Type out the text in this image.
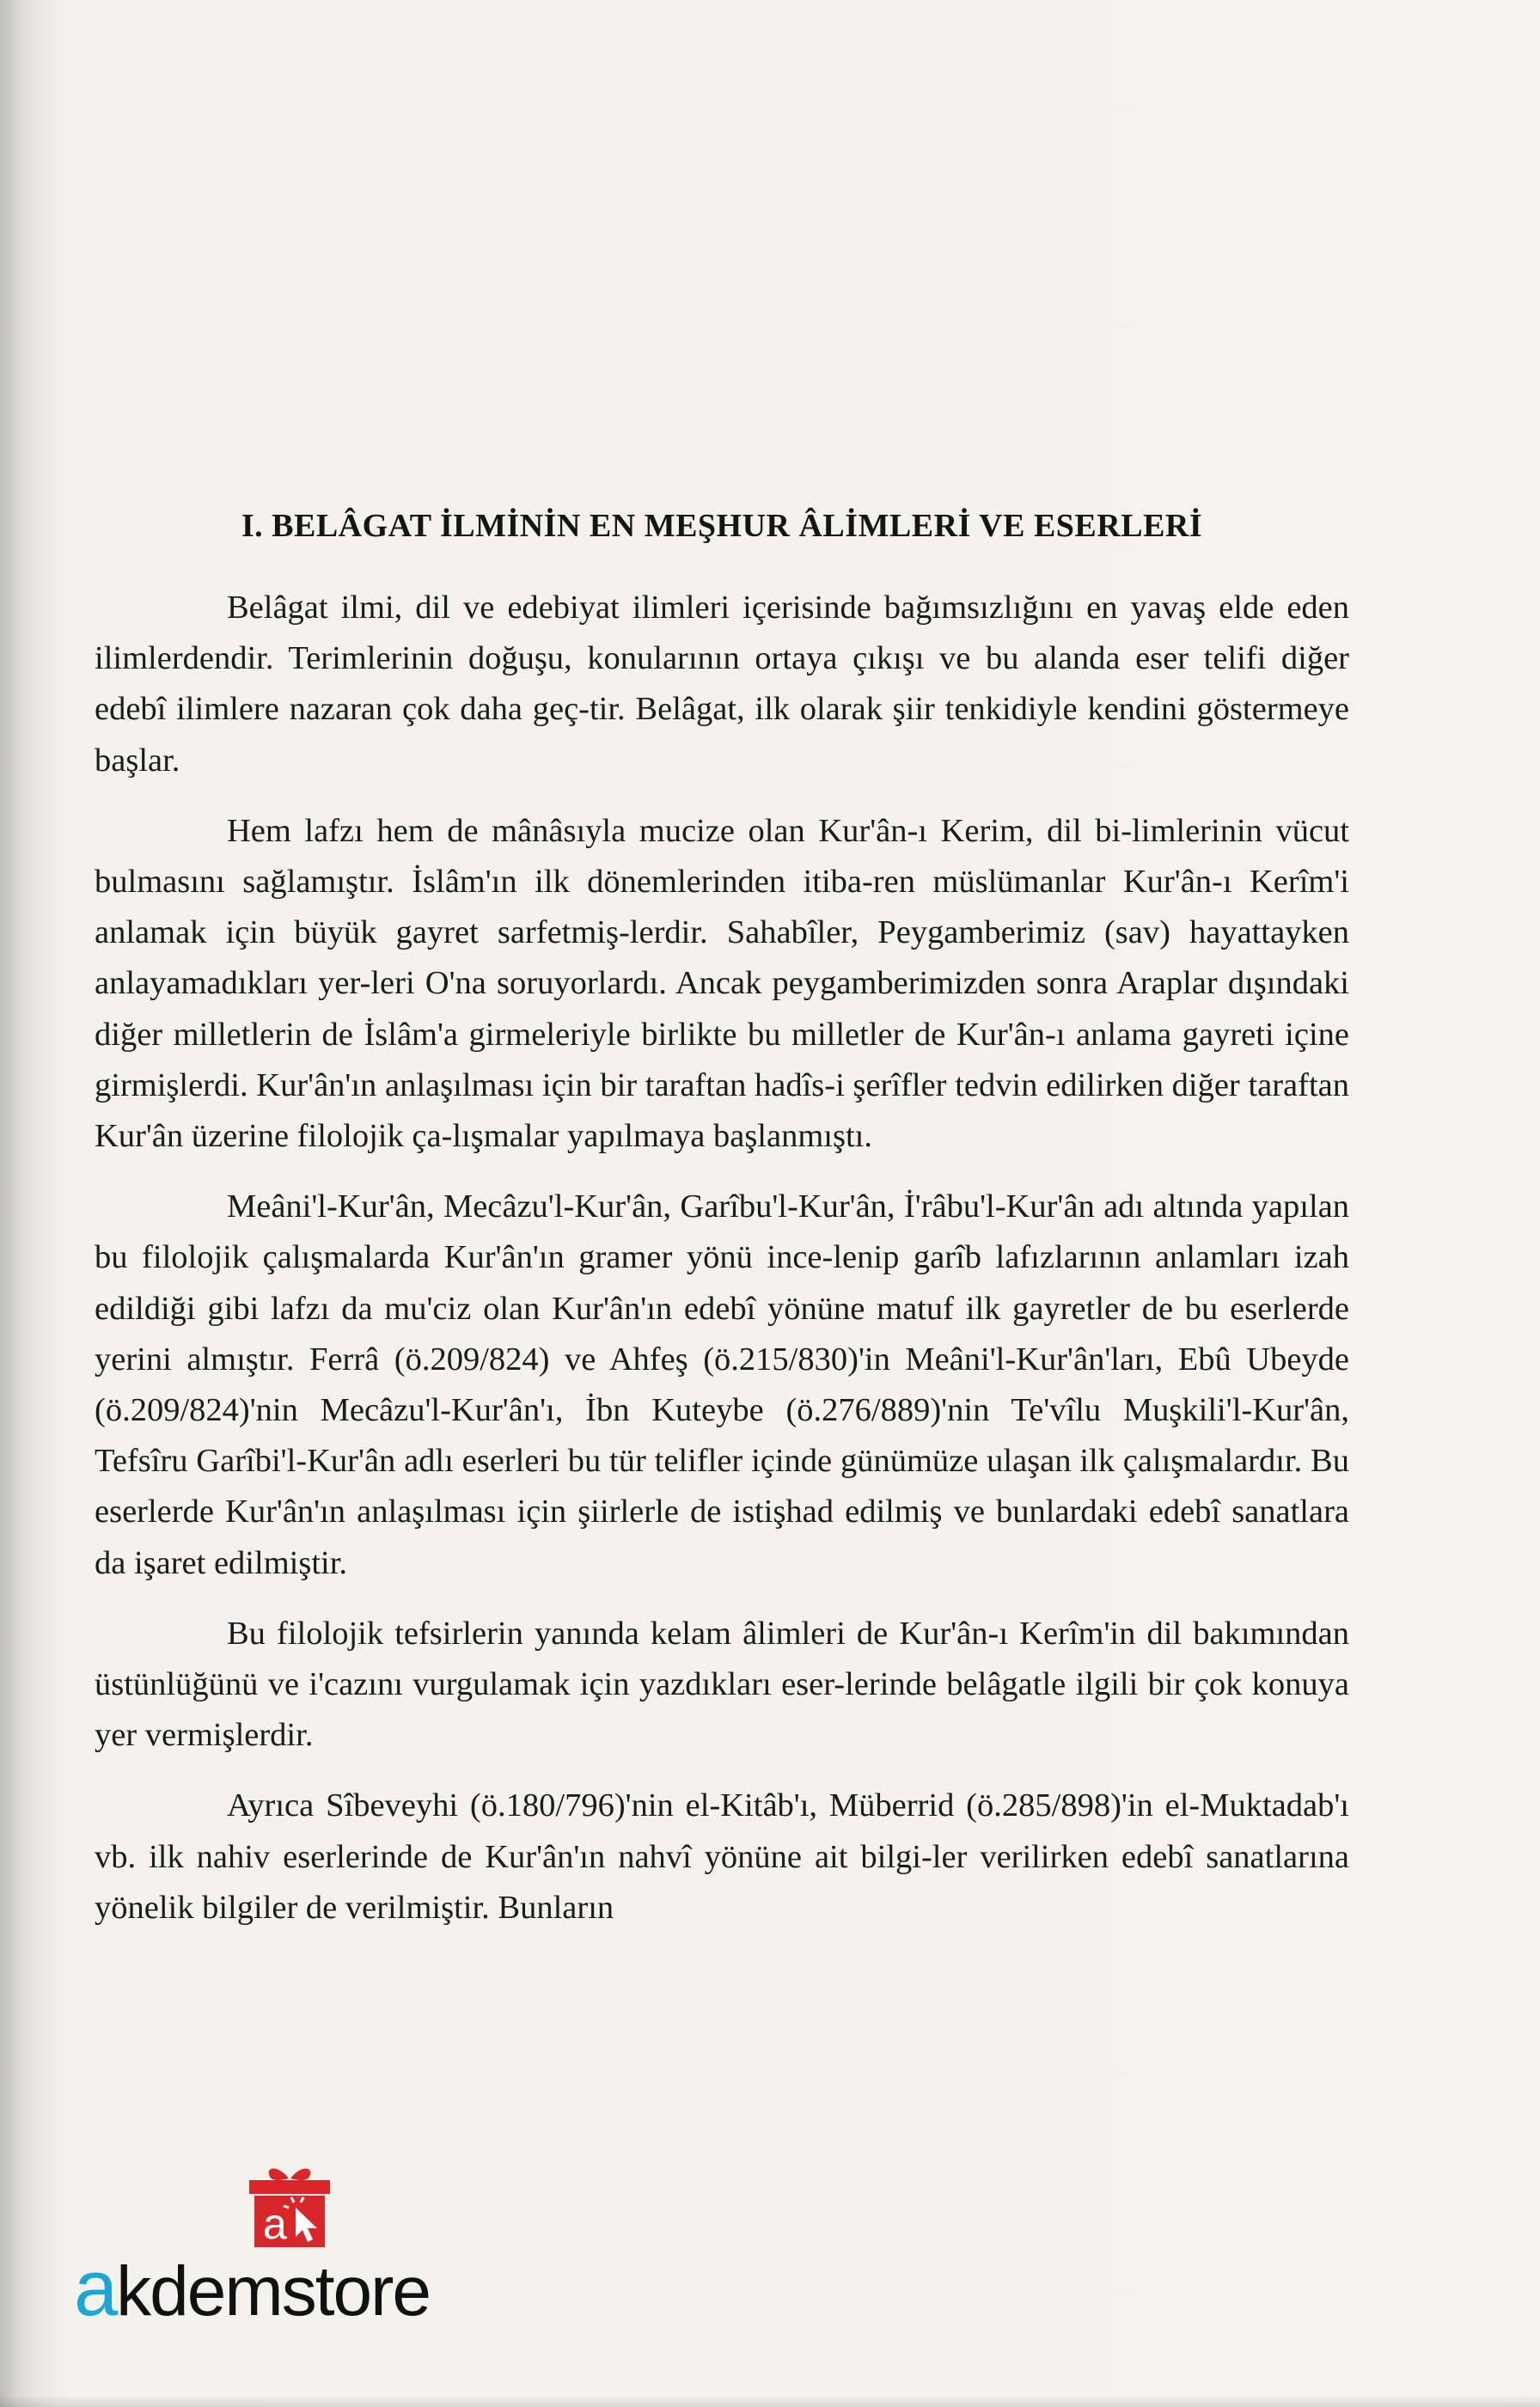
I. BELÂGAT İLMİNİN EN MEŞHUR ÂLİMLERİ VE ESERLERİ

Belâgat ilmi, dil ve edebiyat ilimleri içerisinde bağımsızlığını en yavaş elde eden ilimlerdendir. Terimlerinin doğuşu, konularının ortaya çıkışı ve bu alanda eser telifi diğer edebî ilimlere nazaran çok daha geç-tir. Belâgat, ilk olarak şiir tenkidiyle kendini göstermeye başlar.

Hem lafzı hem de mânâsıyla mucize olan Kur'ân-ı Kerim, dil bi-limlerinin vücut bulmasını sağlamıştır. İslâm'ın ilk dönemlerinden itiba-ren müslümanlar Kur'ân-ı Kerîm'i anlamak için büyük gayret sarfetmiş-lerdir. Sahabîler, Peygamberimiz (sav) hayattayken anlayamadıkları yer-leri O'na soruyorlardı. Ancak peygamberimizden sonra Araplar dışındaki diğer milletlerin de İslâm'a girmeleriyle birlikte bu milletler de Kur'ân-ı anlama gayreti içine girmişlerdi. Kur'ân'ın anlaşılması için bir taraftan hadîs-i şerîfler tedvin edilirken diğer taraftan Kur'ân üzerine filolojik ça-lışmalar yapılmaya başlanmıştı.

Meâni'l-Kur'ân, Mecâzu'l-Kur'ân, Garîbu'l-Kur'ân, İ'râbu'l-Kur'ân adı altında yapılan bu filolojik çalışmalarda Kur'ân'ın gramer yönü ince-lenip garîb lafızlarının anlamları izah edildiği gibi lafzı da mu'ciz olan Kur'ân'ın edebî yönüne matuf ilk gayretler de bu eserlerde yerini almıştır. Ferrâ (ö.209/824) ve Ahfeş (ö.215/830)'in Meâni'l-Kur'ân'ları, Ebû Ubeyde (ö.209/824)'nin Mecâzu'l-Kur'ân'ı, İbn Kuteybe (ö.276/889)'nin Te'vîlu Muşkili'l-Kur'ân, Tefsîru Garîbi'l-Kur'ân adlı eserleri bu tür telifler içinde günümüze ulaşan ilk çalışmalardır. Bu eserlerde Kur'ân'ın anlaşılması için şiirlerle de istişhad edilmiş ve bunlardaki edebî sanatlara da işaret edilmiştir.

Bu filolojik tefsirlerin yanında kelam âlimleri de Kur'ân-ı Kerîm'in dil bakımından üstünlüğünü ve i'cazını vurgulamak için yazdıkları eser-lerinde belâgatle ilgili bir çok konuya yer vermişlerdir.

Ayrıca Sîbeveyhi (ö.180/796)'nin el-Kitâb'ı, Müberrid (ö.285/898)'in el-Muktadab'ı vb. ilk nahiv eserlerinde de Kur'ân'ın nahvî yönüne ait bilgi-ler verilirken edebî sanatlarına yönelik bilgiler de verilmiştir. Bunların

a
akdemstore
